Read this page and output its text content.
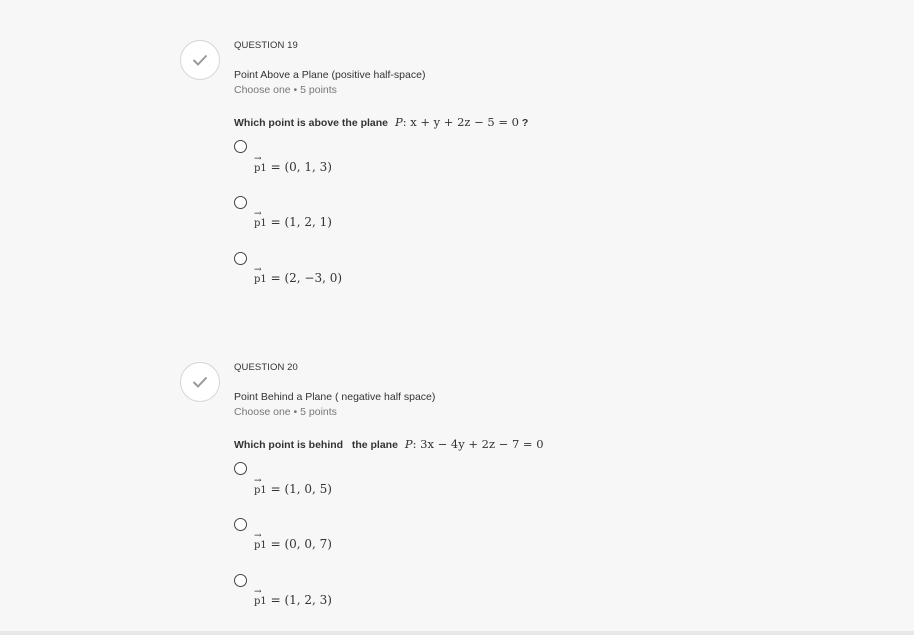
QUESTION 19
Point Above a Plane (positive half-space)
Choose one • 5 points
Which point is above the plane P: x + y + 2z − 5 = 0 ?
→
p1 = (0, 1, 3)
→
p1 = (1, 2, 1)
→
p1 = (2, −3, 0)
QUESTION 20
Point Behind a Plane ( negative half space)
Choose one • 5 points
Which point is behind   the plane P: 3x − 4y + 2z − 7 = 0
→
p1 = (1, 0, 5)
→
p1 = (0, 0, 7)
→
p1 = (1, 2, 3)
